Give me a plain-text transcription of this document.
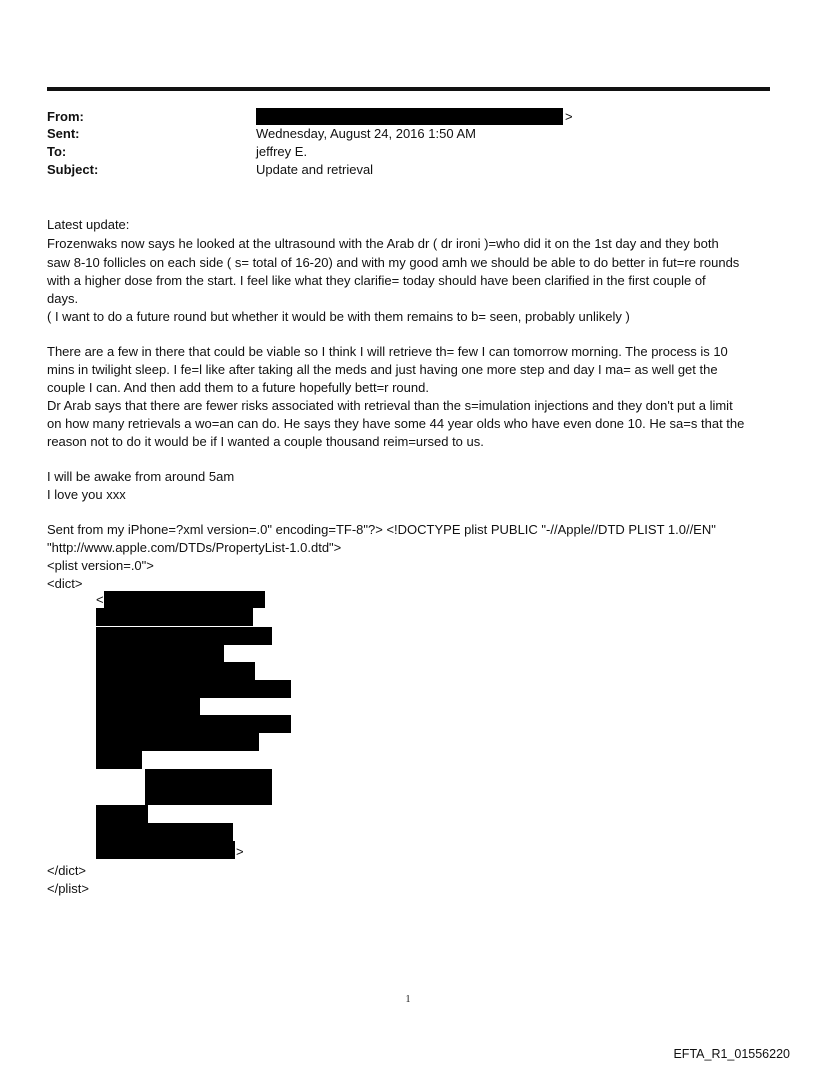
From:	>
Sent:	Wednesday, August 24, 2016 1:50 AM
To:	jeffrey E.
Subject:	Update and retrieval
Latest update:
Frozenwaks now says he looked at the ultrasound with the Arab dr ( dr ironi )=who did it on the 1st day and they both
saw 8-10 follicles on each side ( s= total of 16-20) and with my good amh we should be able to do better in fut=re rounds
with a higher dose from the start. I feel like what they clarifie= today should have been clarified in the first couple of
days.
( I want to do a future round but whether it would be with them remains to b= seen, probably unlikely )
There are a few in there that could be viable so I think I will retrieve th= few I can tomorrow morning. The process is 10
mins in twilight sleep. I fe=l like after taking all the meds and just having one more step and day I ma= as well get the
couple I can. And then add them to a future hopefully bett=r round.
Dr Arab says that there are fewer risks associated with retrieval than the s=imulation injections and they don't put a limit
on how many retrievals a wo=an can do. He says they have some 44 year olds who have even done 10. He sa=s that the
reason not to do it would be if I wanted a couple thousand reim=ursed to us.
I will be awake from around 5am
I love you xxx
Sent from my iPhone=?xml version=.0" encoding=TF-8"?> <!DOCTYPE plist PUBLIC "-//Apple//DTD PLIST 1.0//EN"
"http://www.apple.com/DTDs/PropertyList-1.0.dtd">
<plist version=.0">
<dict>
<
>
</dict>
</plist>
1
EFTA_R1_01556220
